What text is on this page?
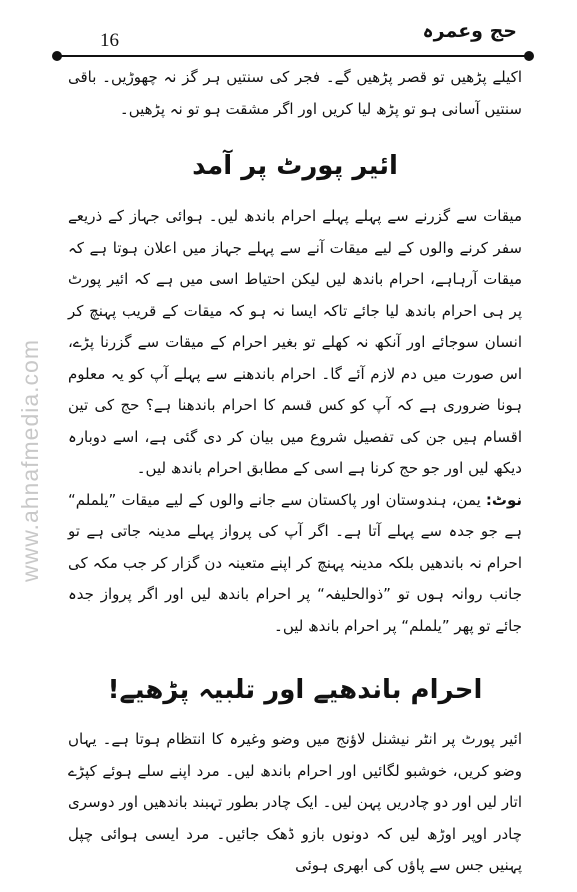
16	حج وعمرہ
www.ahnafmedia.com

اکیلے پڑھیں تو قصر پڑھیں گے۔ فجر کی سنتیں ہر گز نہ چھوڑیں۔ باقی سنتیں آسانی ہو تو پڑھ لیا کریں اور اگر مشقت ہو تو نہ پڑھیں۔

ائیر پورٹ پر آمد

میقات سے گزرنے سے پہلے پہلے احرام باندھ لیں۔ ہوائی جہاز کے ذریعے سفر کرنے والوں کے لیے میقات آنے سے پہلے جہاز میں اعلان ہوتا ہے کہ میقات آرہاہے، احرام باندھ لیں لیکن احتیاط اسی میں ہے کہ ائیر پورٹ پر ہی احرام باندھ لیا جائے تاکہ ایسا نہ ہو کہ میقات کے قریب پہنچ کر انسان سوجائے اور آنکھ نہ کھلے تو بغیر احرام کے میقات سے گزرنا پڑے، اس صورت میں دم لازم آئے گا۔ احرام باندھنے سے پہلے آپ کو یہ معلوم ہونا ضروری ہے کہ آپ کو کس قسم کا احرام باندھنا ہے؟ حج کی تین اقسام ہیں جن کی تفصیل شروع میں بیان کر دی گئی ہے، اسے دوبارہ دیکھ لیں اور جو حج کرنا ہے اسی کے مطابق احرام باندھ لیں۔

نوٹ: یمن، ہندوستان اور پاکستان سے جانے والوں کے لیے میقات ”یلملم“ ہے جو جدہ سے پہلے آتا ہے۔ اگر آپ کی پرواز پہلے مدینہ جاتی ہے تو احرام نہ باندھیں بلکہ مدینہ پہنچ کر اپنے متعینہ دن گزار کر جب مکہ کی جانب روانہ ہوں تو ”ذوالحلیفہ“ پر احرام باندھ لیں اور اگر پرواز جدہ جائے تو پھر ”یلملم“ پر احرام باندھ لیں۔

احرام باندھیے اور تلبیہ پڑھیے!

ائیر پورٹ پر انٹر نیشنل لاؤنج میں وضو وغیرہ کا انتظام ہوتا ہے۔ یہاں وضو کریں، خوشبو لگائیں اور احرام باندھ لیں۔ مرد اپنے سلے ہوئے کپڑے اتار لیں اور دو چادریں پہن لیں۔ ایک چادر بطور تہبند باندھیں اور دوسری چادر اوپر اوڑھ لیں کہ دونوں بازو ڈھک جائیں۔ مرد ایسی ہوائی چپل پہنیں جس سے پاؤں کی ابھری ہوئی
